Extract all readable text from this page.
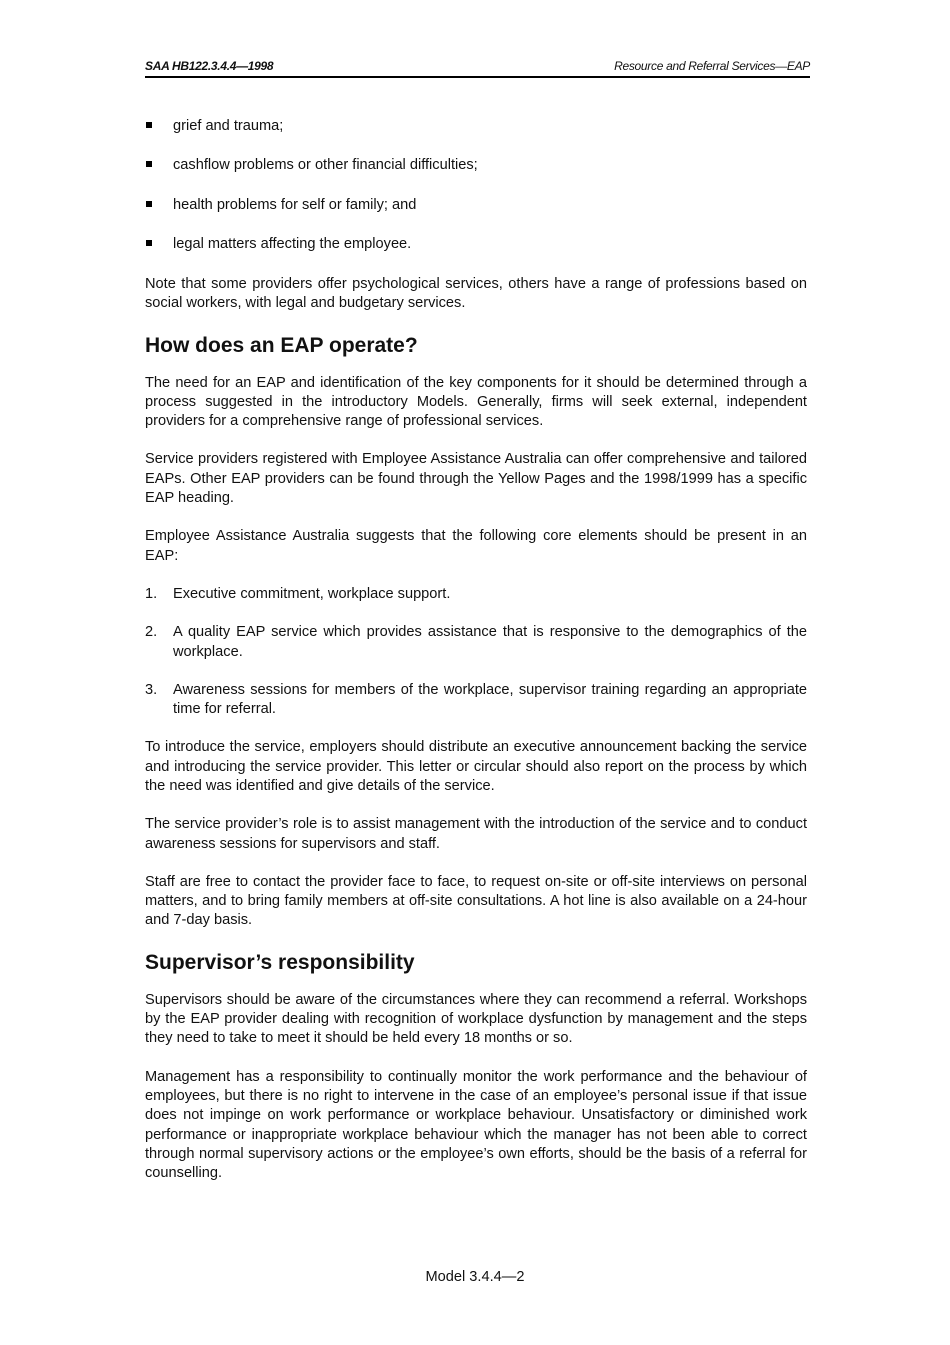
SAA HB122.3.4.4—1998	Resource and Referral Services—EAP
grief and trauma;
cashflow problems or other financial difficulties;
health problems for self or family; and
legal matters affecting the employee.

Note that some providers offer psychological services, others have a range of professions based on social workers, with legal and budgetary services.

How does an EAP operate?

The need for an EAP and identification of the key components for it should be determined through a process suggested in the introductory Models. Generally, firms will seek external, independent providers for a comprehensive range of professional services.

Service providers registered with Employee Assistance Australia can offer comprehensive and tailored EAPs. Other EAP providers can be found through the Yellow Pages and the 1998/1999 has a specific EAP heading.

Employee Assistance Australia suggests that the following core elements should be present in an EAP:

1. Executive commitment, workplace support.
2. A quality EAP service which provides assistance that is responsive to the demographics of the workplace.
3. Awareness sessions for members of the workplace, supervisor training regarding an appropriate time for referral.

To introduce the service, employers should distribute an executive announcement backing the service and introducing the service provider. This letter or circular should also report on the process by which the need was identified and give details of the service.

The service provider’s role is to assist management with the introduction of the service and to conduct awareness sessions for supervisors and staff.

Staff are free to contact the provider face to face, to request on-site or off-site interviews on personal matters, and to bring family members at off-site consultations. A hot line is also available on a 24-hour and 7-day basis.

Supervisor’s responsibility

Supervisors should be aware of the circumstances where they can recommend a referral. Workshops by the EAP provider dealing with recognition of workplace dysfunction by management and the steps they need to take to meet it should be held every 18 months or so.

Management has a responsibility to continually monitor the work performance and the behaviour of employees, but there is no right to intervene in the case of an employee’s personal issue if that issue does not impinge on work performance or workplace behaviour. Unsatisfactory or diminished work performance or inappropriate workplace behaviour which the manager has not been able to correct through normal supervisory actions or the employee’s own efforts, should be the basis of a referral for counselling.

Model 3.4.4—2
